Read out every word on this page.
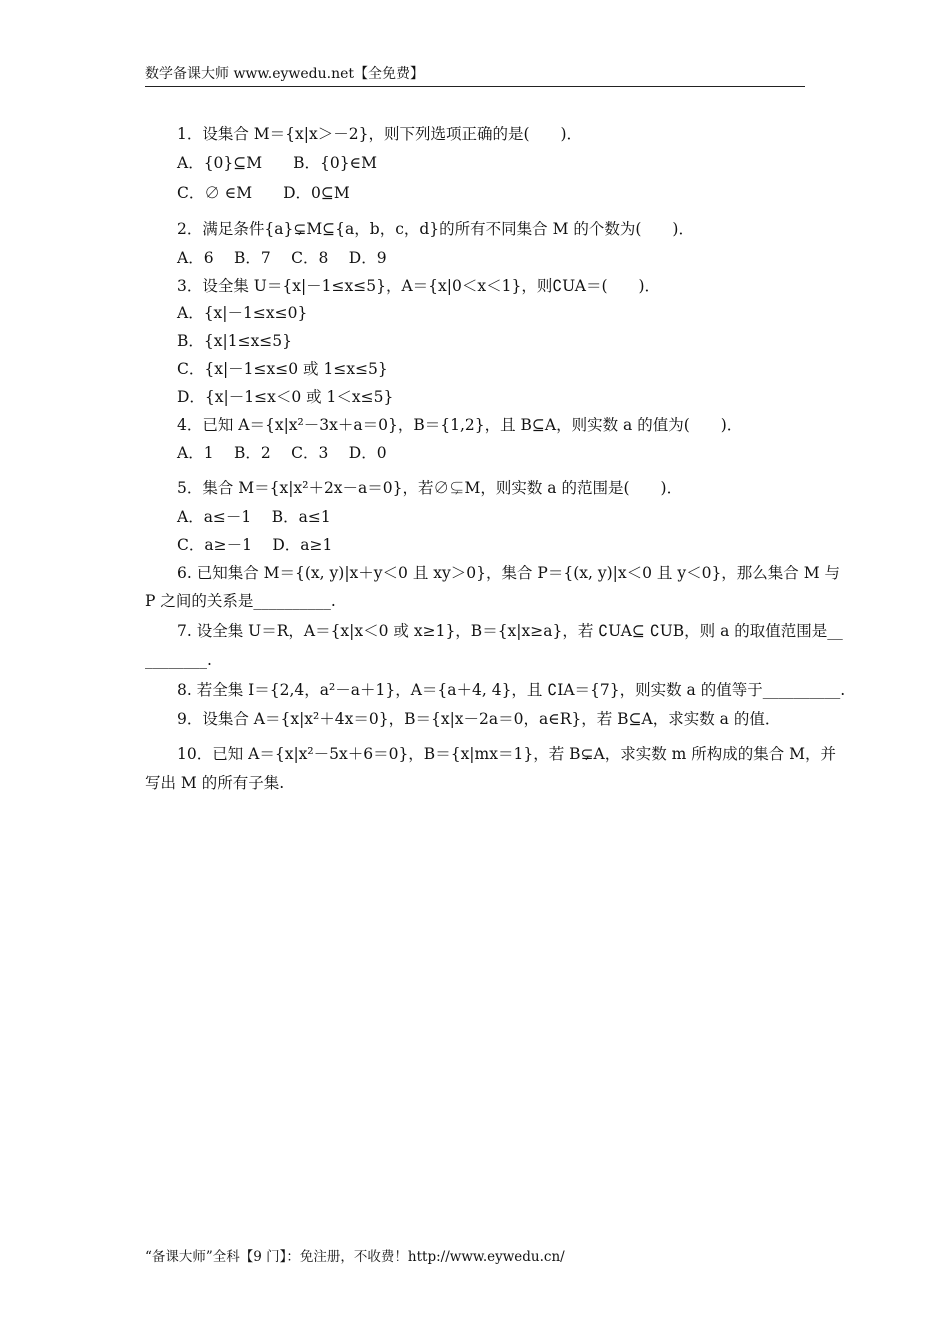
数学备课大师 www.eywedu.net【全免费】
1．设集合 M＝{x|x＞－2}，则下列选项正确的是(　　)．
A．{0}⊆M　　B．{0}∈M
C．∅ ∈M　　D．0⊆M
2．满足条件{a}⊊M⊆{a，b，c，d}的所有不同集合 M 的个数为(　　)．
A．6　 B．7　 C．8　 D．9
3．设全集 U＝{x|－1≤x≤5}，A＝{x|0＜x＜1}，则∁UA＝(　　)．
A．{x|－1≤x≤0}
B．{x|1≤x≤5}
C．{x|－1≤x≤0 或 1≤x≤5}
D．{x|－1≤x＜0 或 1＜x≤5}
4．已知 A＝{x|x²－3x＋a＝0}，B＝{1,2}，且 B⊆A，则实数 a 的值为(　　)．
A．1　 B．2　 C．3　 D．0
5．集合 M＝{x|x²＋2x－a＝0}，若∅⊊M，则实数 a 的范围是(　　)．
A．a≤－1　 B．a≤1
C．a≥－1　 D．a≥1
6. 已知集合 M＝{(x, y)|x＋y＜0 且 xy＞0}，集合 P＝{(x, y)|x＜0 且 y＜0}，那么集合 M 与
P 之间的关系是__________.
7. 设全集 U＝R，A＝{x|x＜0 或 x≥1}，B＝{x|x≥a}，若 ∁UA⊆ ∁UB，则 a 的取值范围是__
________.
8. 若全集 I＝{2,4，a²－a＋1}，A＝{a＋4, 4}，且 ∁IA＝{7}，则实数 a 的值等于__________.
9．设集合 A＝{x|x²＋4x＝0}，B＝{x|x－2a＝0，a∈R}，若 B⊆A，求实数 a 的值．
10．已知 A＝{x|x²－5x＋6＝0}，B＝{x|mx＝1}，若 B⊊A，求实数 m 所构成的集合 M，并
写出 M 的所有子集.
“备课大师”全科【9 门】：免注册，不收费！http://www.eywedu.cn/
